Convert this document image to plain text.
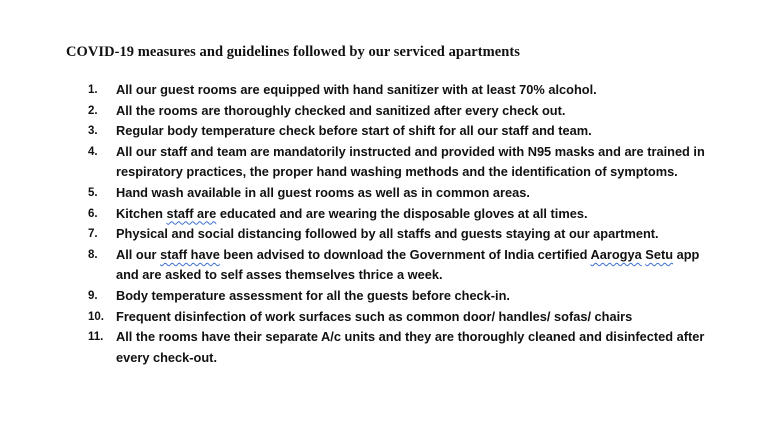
COVID-19 measures and guidelines followed by our serviced apartments
1. All our guest rooms are equipped with hand sanitizer with at least 70% alcohol.
2. All the rooms are thoroughly checked and sanitized after every check out.
3. Regular body temperature check before start of shift for all our staff and team.
4. All our staff and team are mandatorily instructed and provided with N95 masks and are trained in respiratory practices, the proper hand washing methods and the identification of symptoms.
5. Hand wash available in all guest rooms as well as in common areas.
6. Kitchen staff are educated and are wearing the disposable gloves at all times.
7. Physical and social distancing followed by all staffs and guests staying at our apartment.
8. All our staff have been advised to download the Government of India certified Aarogya Setu app and are asked to self asses themselves thrice a week.
9. Body temperature assessment for all the guests before check-in.
10. Frequent disinfection of work surfaces such as common door/ handles/ sofas/ chairs
11. All the rooms have their separate A/c units and they are thoroughly cleaned and disinfected after every check-out.
